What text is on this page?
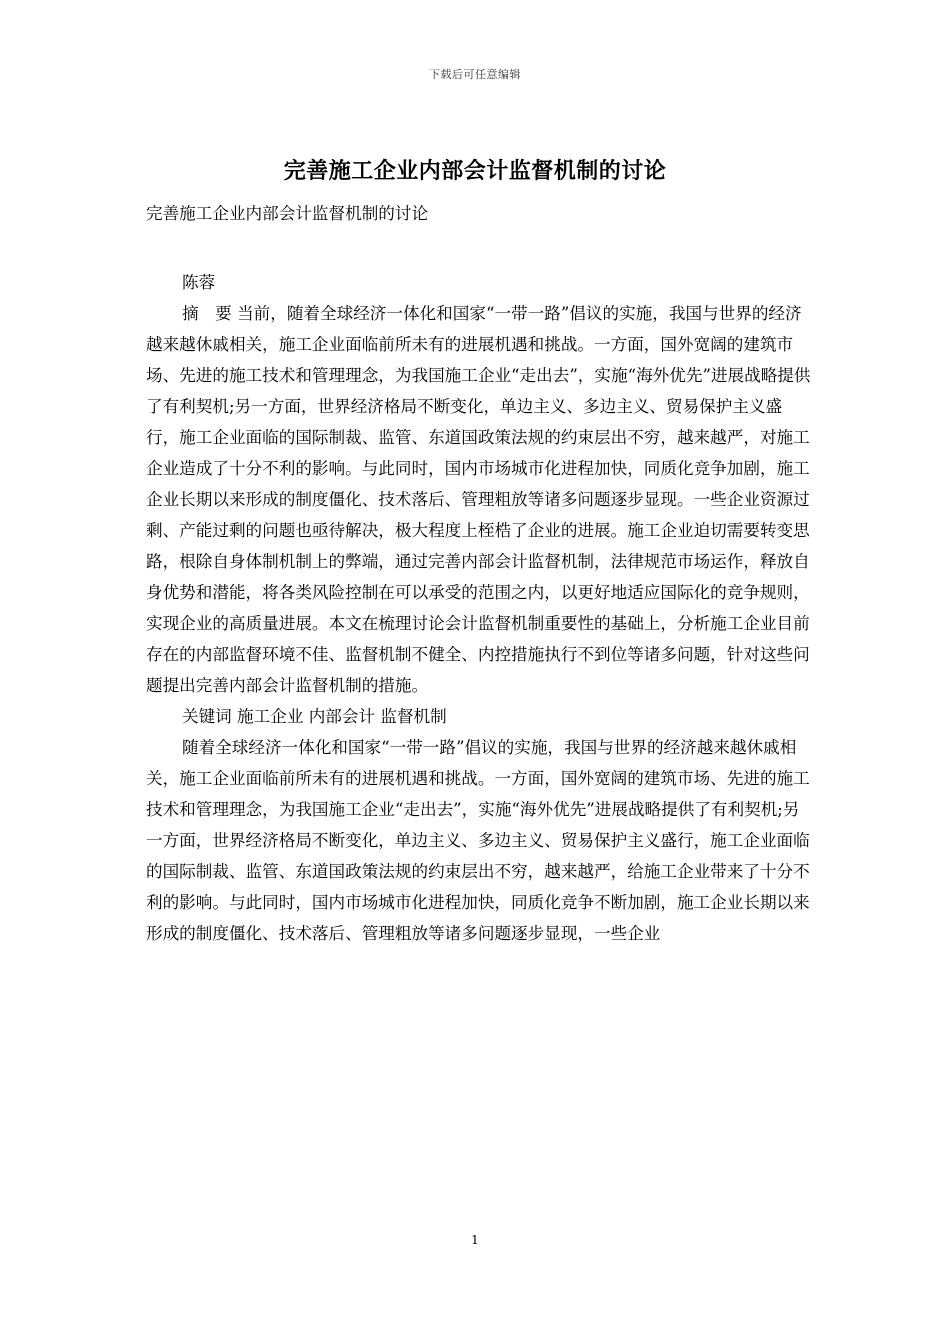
下载后可任意编辑
完善施工企业内部会计监督机制的讨论

完善施工企业内部会计监督机制的讨论

陈蓉

摘　要 当前，随着全球经济一体化和国家“一带一路”倡议的实施，我国与世界的经济越来越休戚相关，施工企业面临前所未有的进展机遇和挑战。一方面，国外宽阔的建筑市场、先进的施工技术和管理理念，为我国施工企业“走出去”，实施“海外优先”进展战略提供了有利契机;另一方面，世界经济格局不断变化，单边主义、多边主义、贸易保护主义盛行，施工企业面临的国际制裁、监管、东道国政策法规的约束层出不穷，越来越严，对施工企业造成了十分不利的影响。与此同时，国内市场城市化进程加快，同质化竞争加剧，施工企业长期以来形成的制度僵化、技术落后、管理粗放等诸多问题逐步显现。一些企业资源过剩、产能过剩的问题也亟待解决，极大程度上桎梏了企业的进展。施工企业迫切需要转变思路，根除自身体制机制上的弊端，通过完善内部会计监督机制，法律规范市场运作，释放自身优势和潜能，将各类风险控制在可以承受的范围之内，以更好地适应国际化的竞争规则，实现企业的高质量进展。本文在梳理讨论会计监督机制重要性的基础上，分析施工企业目前存在的内部监督环境不佳、监督机制不健全、内控措施执行不到位等诸多问题，针对这些问题提出完善内部会计监督机制的措施。

关键词 施工企业 内部会计 监督机制

随着全球经济一体化和国家“一带一路”倡议的实施，我国与世界的经济越来越休戚相关，施工企业面临前所未有的进展机遇和挑战。一方面，国外宽阔的建筑市场、先进的施工技术和管理理念，为我国施工企业“走出去”，实施“海外优先”进展战略提供了有利契机;另一方面，世界经济格局不断变化，单边主义、多边主义、贸易保护主义盛行，施工企业面临的国际制裁、监管、东道国政策法规的约束层出不穷，越来越严，给施工企业带来了十分不利的影响。与此同时，国内市场城市化进程加快，同质化竞争不断加剧，施工企业长期以来形成的制度僵化、技术落后、管理粗放等诸多问题逐步显现，一些企业

1
